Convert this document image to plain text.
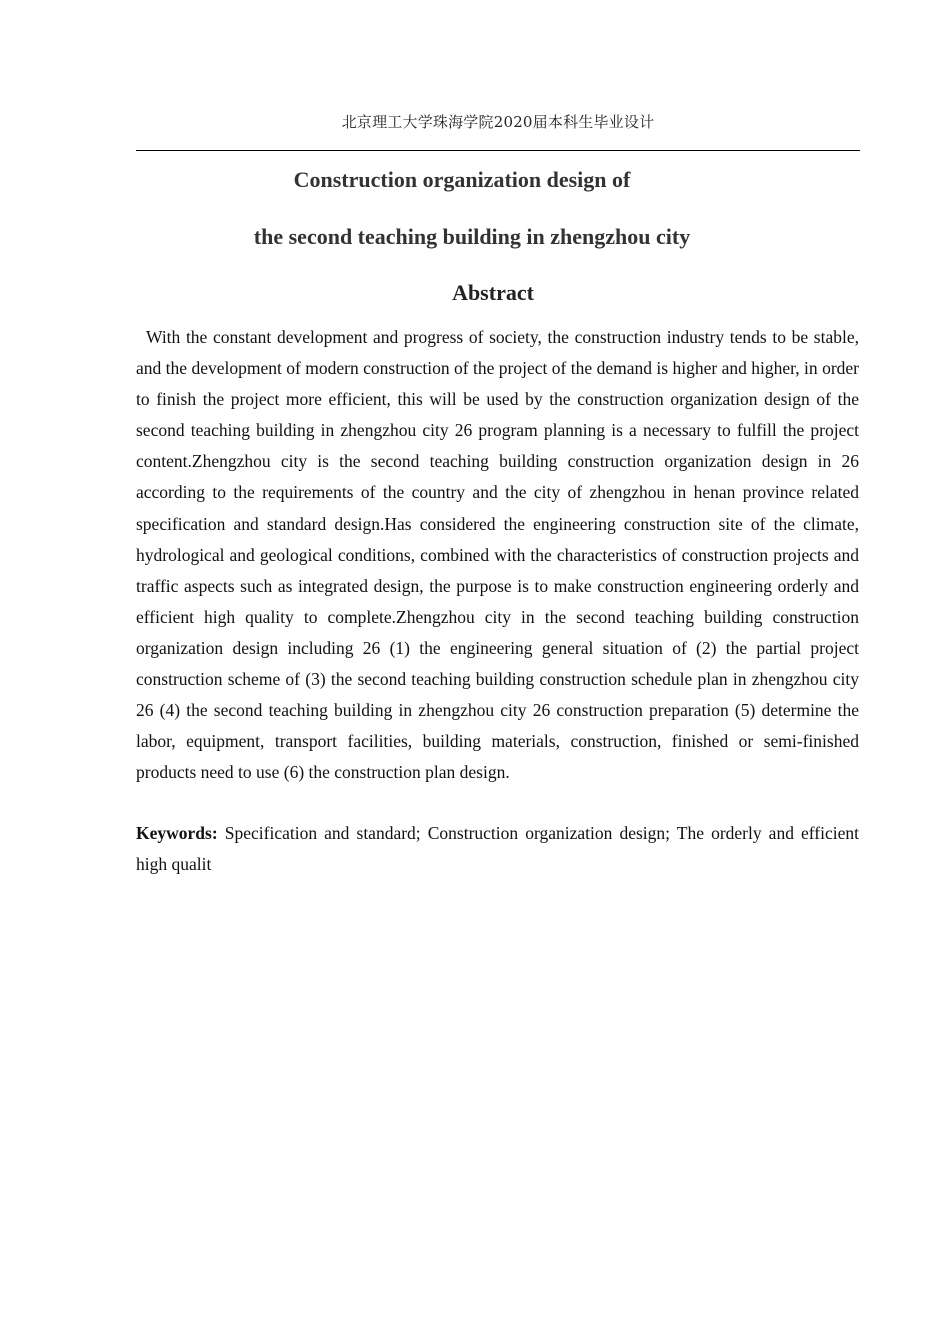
北京理工大学珠海学院2020届本科生毕业设计
Construction organization design of
the second teaching building in zhengzhou city
Abstract

With the constant development and progress of society, the construction industry tends to be stable, and the development of modern construction of the project of the demand is higher and higher, in order to finish the project more efficient, this will be used by the construction organization design of the second teaching building in zhengzhou city 26 program planning is a necessary to fulfill the project content.Zhengzhou city is the second teaching building construction organization design in 26 according to the requirements of the country and the city of zhengzhou in henan province related specification and standard design.Has considered the engineering construction site of the climate, hydrological and geological conditions, combined with the characteristics of construction projects and traffic aspects such as integrated design, the purpose is to make construction engineering orderly and efficient high quality to complete.Zhengzhou city in the second teaching building construction organization design including 26 (1) the engineering general situation of (2) the partial project construction scheme of (3) the second teaching building construction schedule plan in zhengzhou city 26 (4) the second teaching building in zhengzhou city 26 construction preparation (5) determine the labor, equipment, transport facilities, building materials, construction, finished or semi-finished products need to use (6) the construction plan design.

Keywords: Specification and standard; Construction organization design; The orderly and efficient high qualit
